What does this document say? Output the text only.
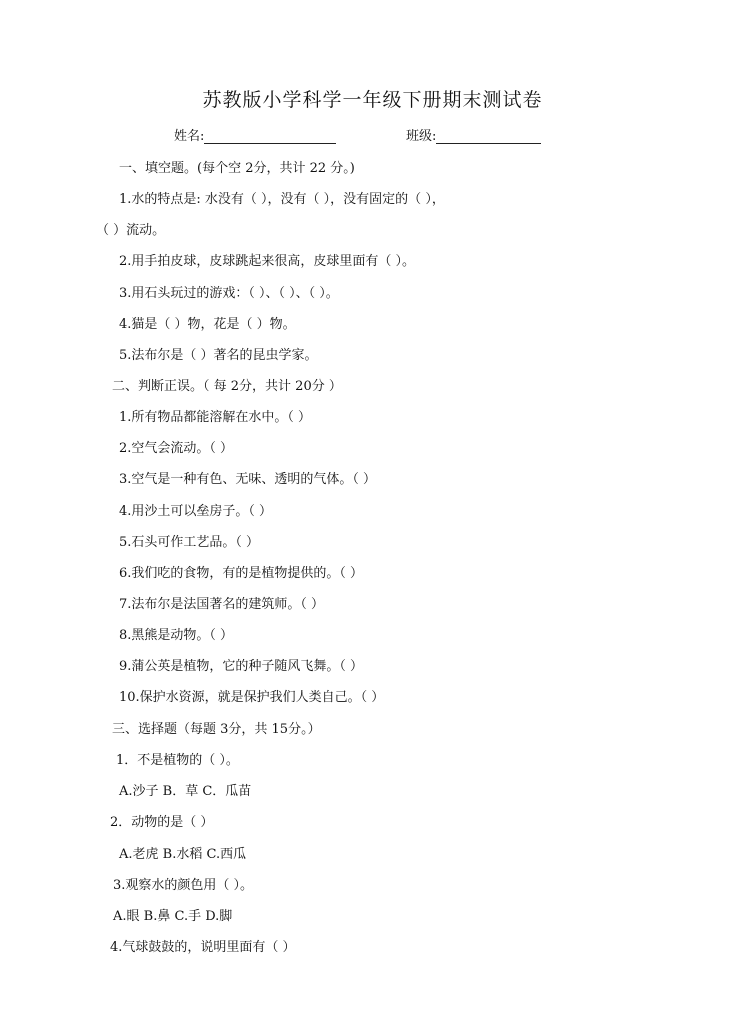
苏教版小学科学一年级下册期末测试卷
姓名:	班级:
一、填空题。(每个空 2分，共计 22 分。)
1.水的特点是: 水没有（ ），没有（ ），没有固定的（ ），
（ ）流动。
2.用手拍皮球，皮球跳起来很高，皮球里面有（ ）。
3.用石头玩过的游戏：（ ）、（ ）、（ ）。
4.猫是（ ）物，花是（ ）物。
5.法布尔是（ ）著名的昆虫学家。
二、判断正误。（ 每 2分，共计 20分 ）
1.所有物品都能溶解在水中。（ ）
2.空气会流动。（ ）
3.空气是一种有色、无味、透明的气体。（ ）
4.用沙土可以垒房子。（ ）
5.石头可作工艺品。（ ）
6.我们吃的食物，有的是植物提供的。（ ）
7.法布尔是法国著名的建筑师。（ ）
8.黑熊是动物。（ ）
9.蒲公英是植物，它的种子随风飞舞。（ ）
10.保护水资源，就是保护我们人类自己。（ ）
三、选择题（每题 3分，共 15分。）
1．不是植物的（ ）。
A.沙子 B．草 C．瓜苗
2．动物的是（ ）
A.老虎 B.水稻 C.西瓜
3.观察水的颜色用（ ）。
A.眼 B.鼻 C.手 D.脚
4.气球鼓鼓的，说明里面有（ ）
